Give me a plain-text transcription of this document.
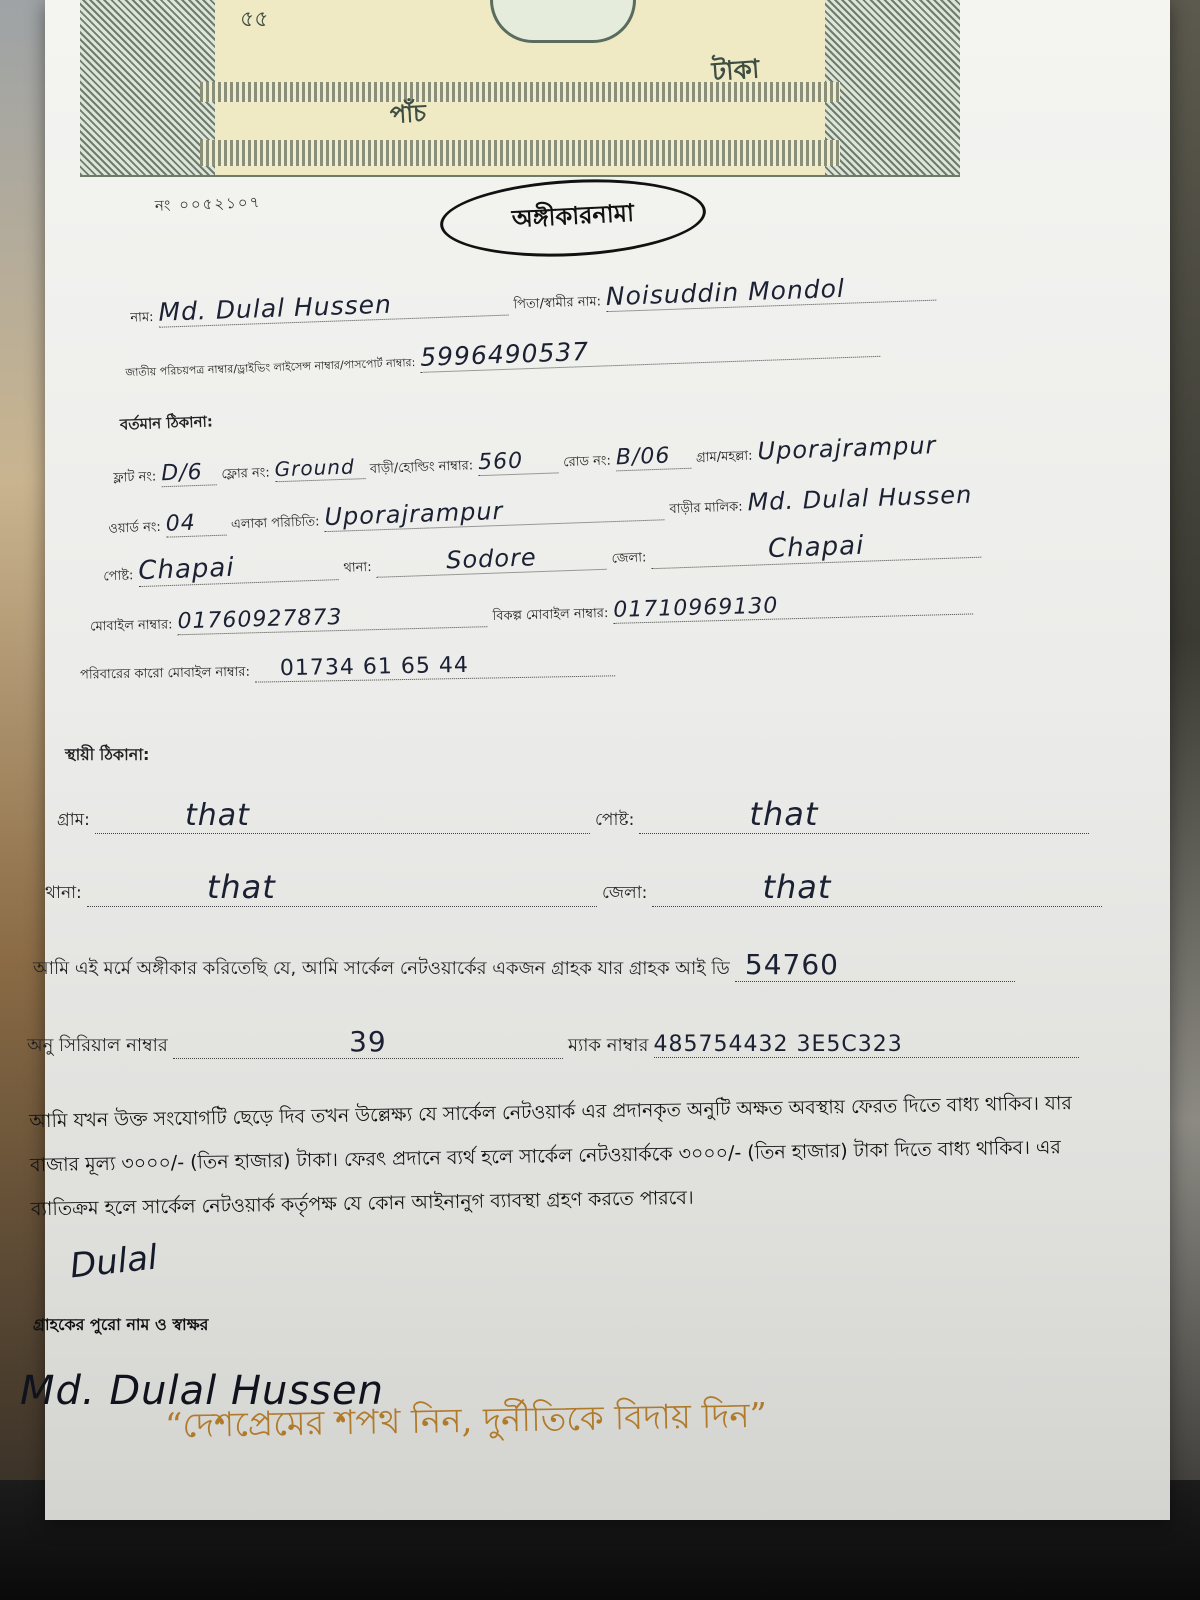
৫৫
টাকা
পাঁচ
নং ০০৫২১০৭	অঙ্গীকারনামা
নাম: Md. Dulal Hussen	পিতা/স্বামীর নাম: Noisuddin Mondol
জাতীয় পরিচয়পত্র নাম্বার/ড্রাইভিং লাইসেন্স নাম্বার/পাসপোর্ট নাম্বার: 5996490537
বর্তমান ঠিকানা:
ফ্লাট নং: D/6 ফ্লোর নং: Ground বাড়ী/হোল্ডিং নাম্বার: 560	রোড নং: B/06 গ্রাম/মহল্লা: Uporajrampur
ওয়ার্ড নং: 04	এলাকা পরিচিতি: Uporajrampur	বাড়ীর মালিক: Md. Dulal Hussen
পোষ্ট: Chapai	থানা:	Sodore	জেলা:	Chapai
মোবাইল নাম্বার: 01760927873	বিকল্প মোবাইল নাম্বার: 01710969130
পরিবারের কারো মোবাইল নাম্বার: 01734 61 65 44
স্থায়ী ঠিকানা:
গ্রাম:	that	পোষ্ট:	that
থানা:	that	জেলা:	that
আমি এই মর্মে অঙ্গীকার করিতেছি যে, আমি সার্কেল নেটওয়ার্কের একজন গ্রাহক যার গ্রাহক আই ডি 54760
অনু সিরিয়াল নাম্বার	39	ম্যাক নাম্বার 485754432 3E5C323
আমি যখন উক্ত সংযোগটি ছেড়ে দিব তখন উল্লেক্ষ্য যে সার্কেল নেটওয়ার্ক এর প্রদানকৃত অনুটি অক্ষত অবস্থায় ফেরত দিতে বাধ্য থাকিব। যার বাজার মূল্য ৩০০০/- (তিন হাজার) টাকা। ফেরৎ প্রদানে ব্যর্থ হলে সার্কেল নেটওয়ার্ককে ৩০০০/- (তিন হাজার) টাকা দিতে বাধ্য থাকিব। এর ব্যাতিক্রম হলে সার্কেল নেটওয়ার্ক কর্তৃপক্ষ যে কোন আইনানুগ ব্যাবস্থা গ্রহণ করতে পারবে।
Dulal
গ্রাহকের পুরো নাম ও স্বাক্ষর
Md. Dulal Hussen
“দেশপ্রেমের শপথ নিন, দুর্নীতিকে বিদায় দিন”
